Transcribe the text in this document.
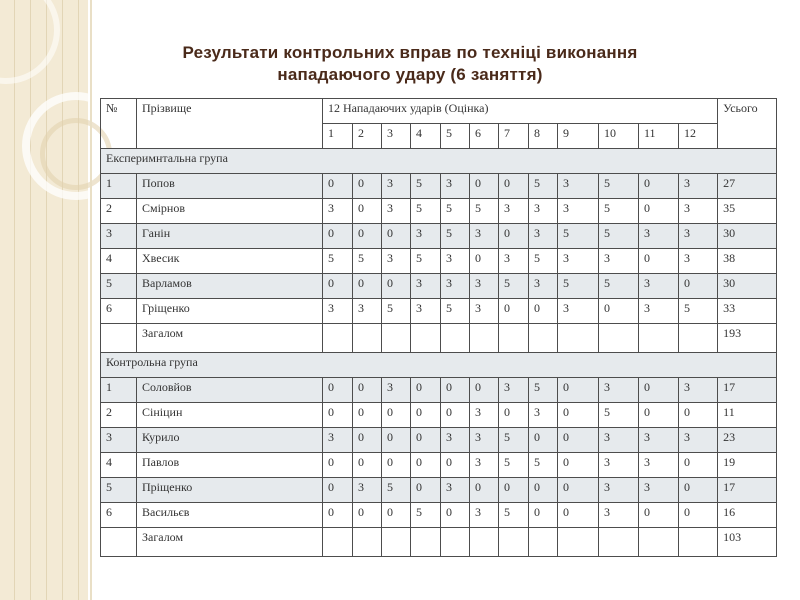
Результати контрольних вправ по техніці виконання
нападаючого удару (6 заняття)
№	Прізвище	12 Нападаючих ударів (Оцінка)												Усього
		1	2	3	4	5	6	7	8	9	10	11	12	
Експеримнтальна група														
1	Попов	0	0	3	5	3	0	0	5	3	5	0	3	27
2	Смірнов	3	0	3	5	5	5	3	3	3	5	0	3	35
3	Ганін	0	0	0	3	5	3	0	3	5	5	3	3	30
4	Хвесик	5	5	3	5	3	0	3	5	3	3	0	3	38
5	Варламов	0	0	0	3	3	3	5	3	5	5	3	0	30
6	Гріщенко	3	3	5	3	5	3	0	0	3	0	3	5	33
	Загалом													193
Контрольна група														
1	Соловйов	0	0	3	0	0	0	3	5	0	3	0	3	17
2	Сініцин	0	0	0	0	0	3	0	3	0	5	0	0	11
3	Курило	3	0	0	0	3	3	5	0	0	3	3	3	23
4	Павлов	0	0	0	0	0	3	5	5	0	3	3	0	19
5	Пріщенко	0	3	5	0	3	0	0	0	0	3	3	0	17
6	Васильєв	0	0	0	5	0	3	5	0	0	3	0	0	16
	Загалом													103
